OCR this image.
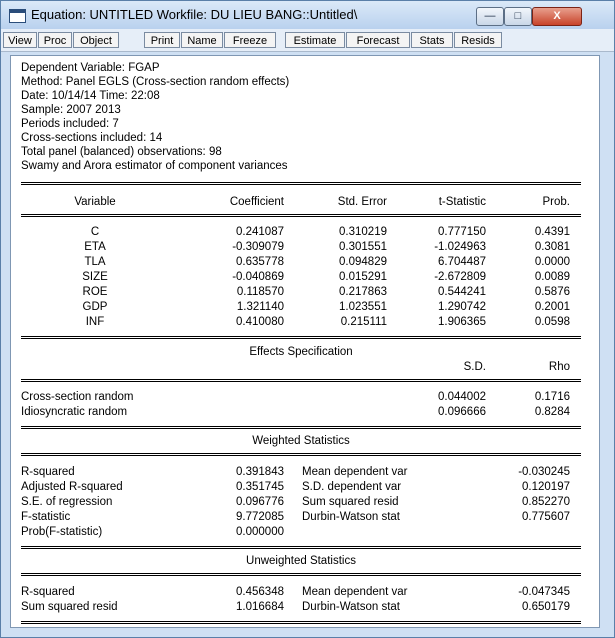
Equation: UNTITLED Workfile: DU LIEU BANG::Untitled\	—	□	X
View	Proc	Object	Print	Name	Freeze	Estimate	Forecast	Stats	Resids
Dependent Variable: FGAP
Method: Panel EGLS (Cross-section random effects)
Date: 10/14/14 Time: 22:08
Sample: 2007 2013
Periods included: 7
Cross-sections included: 14
Total panel (balanced) observations: 98
Swamy and Arora estimator of component variances
Variable	Coefficient	Std. Error	t-Statistic	Prob.
C	0.241087	0.310219	0.777150	0.4391
ETA	-0.309079	0.301551	-1.024963	0.3081
TLA	0.635778	0.094829	6.704487	0.0000
SIZE	-0.040869	0.015291	-2.672809	0.0089
ROE	0.118570	0.217863	0.544241	0.5876
GDP	1.321140	1.023551	1.290742	0.2001
INF	0.410080	0.215111	1.906365	0.0598
Effects Specification
S.D.	Rho
Cross-section random	0.044002	0.1716
Idiosyncratic random	0.096666	0.8284
Weighted Statistics
R-squared	0.391843 Mean dependent var	-0.030245
Adjusted R-squared	0.351745 S.D. dependent var	0.120197
S.E. of regression	0.096776 Sum squared resid	0.852270
F-statistic	9.772085 Durbin-Watson stat	0.775607
Prob(F-statistic)	0.000000
Unweighted Statistics
R-squared	0.456348 Mean dependent var	-0.047345
Sum squared resid	1.016684 Durbin-Watson stat	0.650179
